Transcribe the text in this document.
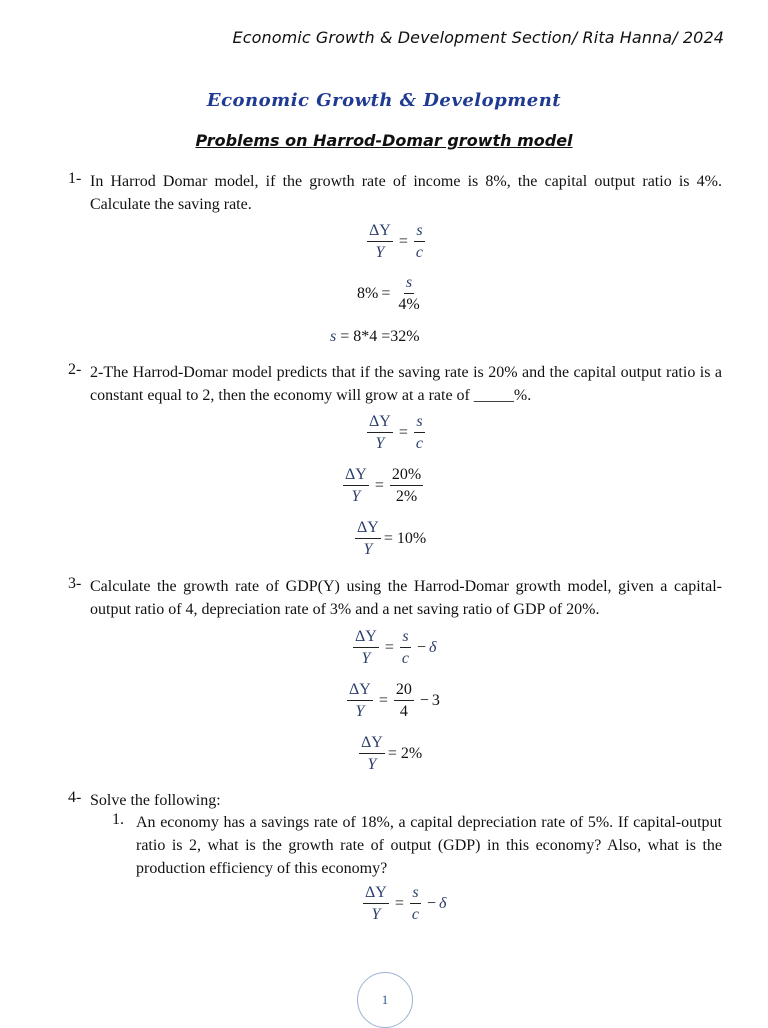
Economic Growth & Development Section/ Rita Hanna/ 2024
Economic Growth & Development
Problems on Harrod-Domar growth model
1- In Harrod Domar model, if the growth rate of income is 8%, the capital output ratio is 4%. Calculate the saving rate.
$\frac{\Delta Y}{Y} = \frac{s}{c}$
$8\% = \frac{s}{4\%}$
s
= 8*4 =32%
2- 2-The Harrod-Domar model predicts that if the saving rate is 20% and the capital output ratio is a constant equal to 2, then the economy will grow at a rate of _____%.
$\frac{\Delta Y}{Y} = \frac{s}{c}$
$\frac{\Delta Y}{Y} = \frac{20\%}{2\%}$
$\frac{\Delta Y}{Y} = 10\%$
3- Calculate the growth rate of GDP(Y) using the Harrod-Domar growth model, given a capital-output ratio of 4, depreciation rate of 3% and a net saving ratio of GDP of 20%.
$\frac{\Delta Y}{Y} = \frac{s}{c} - \delta$
$\frac{\Delta Y}{Y} = \frac{20}{4} - 3$
$\frac{\Delta Y}{Y} = 2\%$
4- Solve the following:
1. An economy has a savings rate of 18%, a capital depreciation rate of 5%. If capital-output ratio is 2, what is the growth rate of output (GDP) in this economy? Also, what is the production efficiency of this economy?
$\frac{\Delta Y}{Y} = \frac{s}{c} - \delta$
1
